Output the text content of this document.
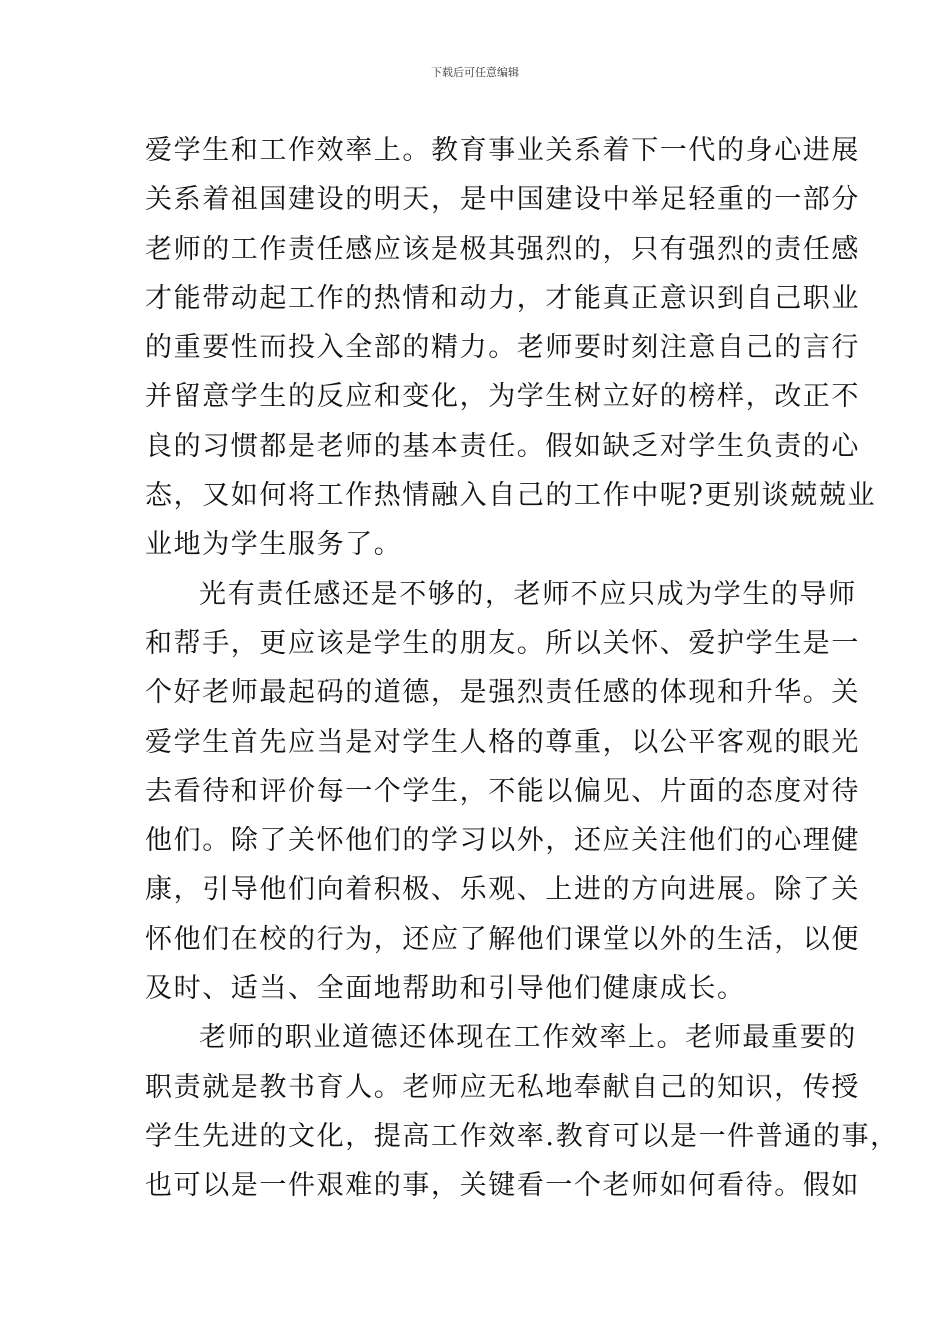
下载后可任意编辑
爱学生和工作效率上。教育事业关系着下一代的身心进展
关系着祖国建设的明天，是中国建设中举足轻重的一部分
老师的工作责任感应该是极其强烈的，只有强烈的责任感
才能带动起工作的热情和动力，才能真正意识到自己职业
的重要性而投入全部的精力。老师要时刻注意自己的言行
并留意学生的反应和变化，为学生树立好的榜样，改正不
良的习惯都是老师的基本责任。假如缺乏对学生负责的心
态，又如何将工作热情融入自己的工作中呢?更别谈兢兢业
业地为学生服务了。
光有责任感还是不够的，老师不应只成为学生的导师
和帮手，更应该是学生的朋友。所以关怀、爱护学生是一
个好老师最起码的道德，是强烈责任感的体现和升华。关
爱学生首先应当是对学生人格的尊重，以公平客观的眼光
去看待和评价每一个学生，不能以偏见、片面的态度对待
他们。除了关怀他们的学习以外，还应关注他们的心理健
康，引导他们向着积极、乐观、上进的方向进展。除了关
怀他们在校的行为，还应了解他们课堂以外的生活，以便
及时、适当、全面地帮助和引导他们健康成长。
老师的职业道德还体现在工作效率上。老师最重要的
职责就是教书育人。老师应无私地奉献自己的知识，传授
学生先进的文化，提高工作效率.教育可以是一件普通的事，
也可以是一件艰难的事，关键看一个老师如何看待。假如
